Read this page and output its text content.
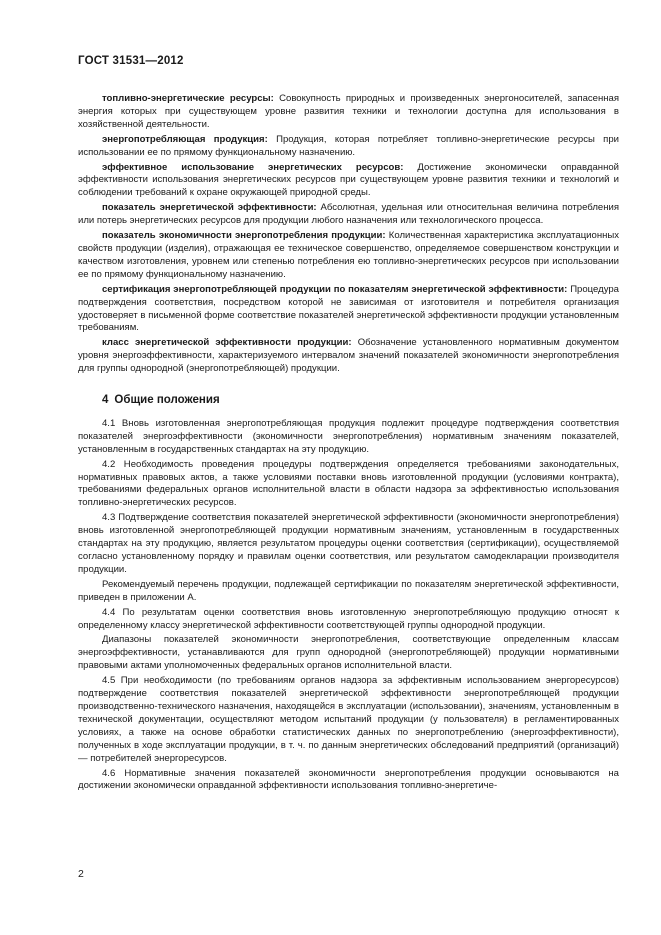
ГОСТ 31531—2012

топливно-энергетические ресурсы: Совокупность природных и произведенных энергоносителей, запасенная энергия которых при существующем уровне развития техники и технологии доступна для использования в хозяйственной деятельности.

энергопотребляющая продукция: Продукция, которая потребляет топливно-энергетические ресурсы при использовании ее по прямому функциональному назначению.

эффективное использование энергетических ресурсов: Достижение экономически оправданной эффективности использования энергетических ресурсов при существующем уровне развития техники и технологий и соблюдении требований к охране окружающей природной среды.

показатель энергетической эффективности: Абсолютная, удельная или относительная величина потребления или потерь энергетических ресурсов для продукции любого назначения или технологического процесса.

показатель экономичности энергопотребления продукции: Количественная характеристика эксплуатационных свойств продукции (изделия), отражающая ее техническое совершенство, определяемое совершенством конструкции и качеством изготовления, уровнем или степенью потребления ею топливно-энергетических ресурсов при использовании ее по прямому функциональному назначению.

сертификация энергопотребляющей продукции по показателям энергетической эффективности: Процедура подтверждения соответствия, посредством которой не зависимая от изготовителя и потребителя организация удостоверяет в письменной форме соответствие показателей энергетической эффективности продукции установленным требованиям.

класс энергетической эффективности продукции: Обозначение установленного нормативным документом уровня энергоэффективности, характеризуемого интервалом значений показателей экономичности энергопотребления для группы однородной (энергопотребляющей) продукции.

4 Общие положения

4.1 Вновь изготовленная энергопотребляющая продукция подлежит процедуре подтверждения соответствия показателей энергоэффективности (экономичности энергопотребления) нормативным значениям показателей, установленным в государственных стандартах на эту продукцию.

4.2 Необходимость проведения процедуры подтверждения определяется требованиями законодательных, нормативных правовых актов, а также условиями поставки вновь изготовленной продукции (условиями контракта), требованиями федеральных органов исполнительной власти в области надзора за эффективностью использования топливно-энергетических ресурсов.

4.3 Подтверждение соответствия показателей энергетической эффективности (экономичности энергопотребления) вновь изготовленной энергопотребляющей продукции нормативным значениям, установленным в государственных стандартах на эту продукцию, является результатом процедуры оценки соответствия (сертификации), осуществляемой согласно установленному порядку и правилам оценки соответствия, или результатом самодекларации производителя продукции.

Рекомендуемый перечень продукции, подлежащей сертификации по показателям энергетической эффективности, приведен в приложении А.

4.4 По результатам оценки соответствия вновь изготовленную энергопотребляющую продукцию относят к определенному классу энергетической эффективности соответствующей группы однородной продукции.

Диапазоны показателей экономичности энергопотребления, соответствующие определенным классам энергоэффективности, устанавливаются для групп однородной (энергопотребляющей) продукции нормативными правовыми актами уполномоченных федеральных органов исполнительной власти.

4.5 При необходимости (по требованиям органов надзора за эффективным использованием энергоресурсов) подтверждение соответствия показателей энергетической эффективности энергопотребляющей продукции производственно-технического назначения, находящейся в эксплуатации (использовании), значениям, установленным в технической документации, осуществляют методом испытаний продукции (у пользователя) в регламентированных условиях, а также на основе обработки статистических данных по энергопотреблению (энергоэффективности), полученных в ходе эксплуатации продукции, в т. ч. по данным энергетических обследований предприятий (организаций) — потребителей энергоресурсов.

4.6 Нормативные значения показателей экономичности энергопотребления продукции основываются на достижении экономически оправданной эффективности использования топливно-энергетиче-

2
